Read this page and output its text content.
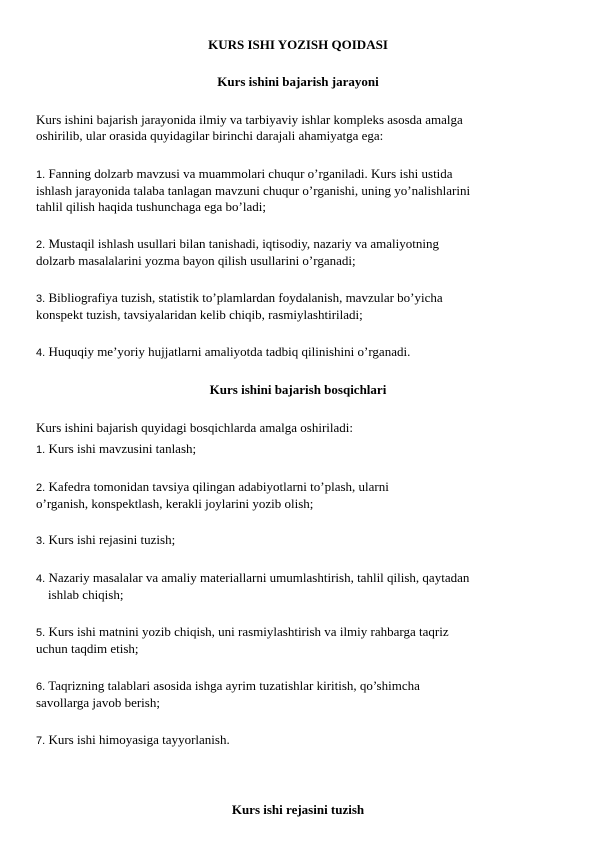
KURS ISHI YOZISH QOIDASI
Kurs ishini bajarish jarayoni
Kurs ishini bajarish jarayonida ilmiy va tarbiyaviy ishlar kompleks asosda amalga
oshirilib, ular orasida quyidagilar birinchi darajali ahamiyatga ega:
1. Fanning dolzarb mavzusi va muammolari chuqur o’rganiladi. Kurs ishi ustida
ishlash jarayonida talaba tanlagan mavzuni chuqur o’rganishi, uning yo’nalishlarini
tahlil qilish haqida tushunchaga ega bo’ladi;
2. Mustaqil ishlash usullari bilan tanishadi, iqtisodiy, nazariy va amaliyotning
dolzarb masalalarini yozma bayon qilish usullarini o’rganadi;
3. Bibliografiya tuzish, statistik to’plamlardan foydalanish, mavzular bo’yicha
konspekt tuzish, tavsiyalaridan kelib chiqib, rasmiylashtiriladi;
4. Huquqiy me’yoriy hujjatlarni amaliyotda tadbiq qilinishini o’rganadi.
Kurs ishini bajarish bosqichlari
Kurs ishini bajarish quyidagi bosqichlarda amalga oshiriladi:
1. Kurs ishi mavzusini tanlash;
2. Kafedra tomonidan tavsiya qilingan adabiyotlarni to’plash, ularni
o’rganish, konspektlash, kerakli joylarini yozib olish;
3. Kurs ishi rejasini tuzish;
4. Nazariy masalalar va amaliy materiallarni umumlashtirish, tahlil qilish, qaytadan
ishlab chiqish;
5. Kurs ishi matnini yozib chiqish, uni rasmiylashtirish va ilmiy rahbarga taqriz
uchun taqdim etish;
6. Taqrizning talablari asosida ishga ayrim tuzatishlar kiritish, qo’shimcha
savollarga javob berish;
7. Kurs ishi himoyasiga tayyorlanish.
Kurs ishi rejasini tuzish
